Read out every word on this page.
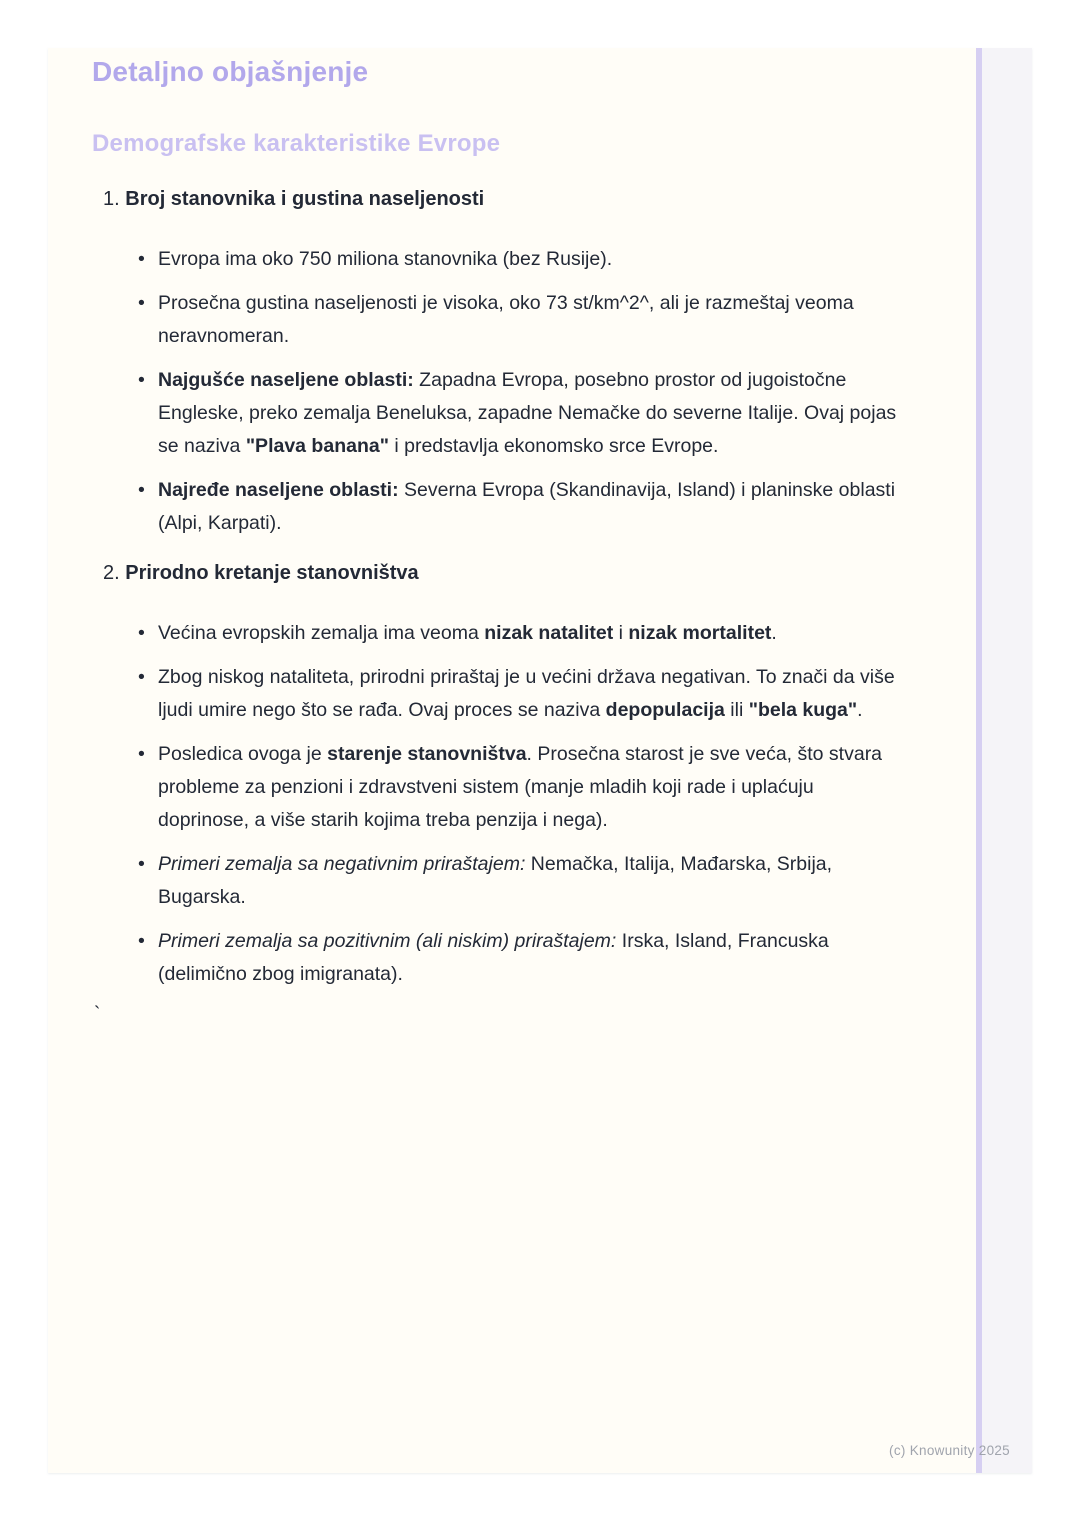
Detaljno objašnjenje
Demografske karakteristike Evrope
1. Broj stanovnika i gustina naseljenosti
• Evropa ima oko 750 miliona stanovnika (bez Rusije).
• Prosečna gustina naseljenosti je visoka, oko 73 st/km^2^, ali je razmeštaj veoma neravnomeran.
• Najgušće naseljene oblasti: Zapadna Evropa, posebno prostor od jugoistočne Engleske, preko zemalja Beneluksa, zapadne Nemačke do severne Italije. Ovaj pojas se naziva "Plava banana" i predstavlja ekonomsko srce Evrope.
• Najređe naseljene oblasti: Severna Evropa (Skandinavija, Island) i planinske oblasti (Alpi, Karpati).
2. Prirodno kretanje stanovništva
• Većina evropskih zemalja ima veoma nizak natalitet i nizak mortalitet.
• Zbog niskog nataliteta, prirodni priraštaj je u većini država negativan. To znači da više ljudi umire nego što se rađa. Ovaj proces se naziva depopulacija ili "bela kuga".
• Posledica ovoga je starenje stanovništva. Prosečna starost je sve veća, što stvara probleme za penzioni i zdravstveni sistem (manje mladih koji rade i uplaćuju doprinose, a više starih kojima treba penzija i nega).
• Primeri zemalja sa negativnim priraštajem: Nemačka, Italija, Mađarska, Srbija, Bugarska.
• Primeri zemalja sa pozitivnim (ali niskim) priraštajem: Irska, Island, Francuska (delimično zbog imigranata).
`
(c) Knowunity 2025
